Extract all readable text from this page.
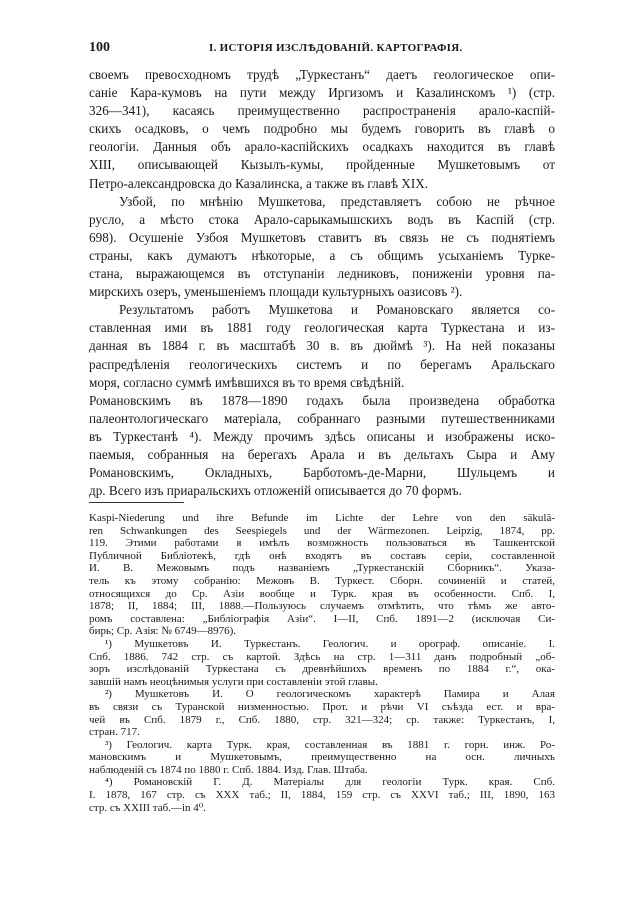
100	I. ИСТОРІЯ ИЗСЛѢДОВАНІЙ. КАРТОГРАФІЯ.
своемъ превосходномъ трудѣ „Туркестанъ“ даетъ геологическое опи-
саніе Кара-кумовъ на пути между Иргизомъ и Казалинскомъ ¹) (стр.
326—341), касаясь преимущественно распространенія арало-каспій-
скихъ осадковъ, о чемъ подробно мы будемъ говорить въ главѣ о
геологіи. Данныя объ арало-каспійскихъ осадкахъ находится въ главѣ
XIII, описывающей Кызылъ-кумы, пройденные Мушкетовымъ от
Петро-александровска до Казалинска, а также въ главѣ XIX.
Узбой, по мнѣнію Мушкетова, представляетъ собою не рѣчное
русло, а мѣсто стока Арало-сарыкамышскихъ водъ въ Каспій (стр.
698). Осушеніе Узбоя Мушкетовъ ставитъ въ связь не съ поднятіемъ
страны, какъ думаютъ нѣкоторые, а съ общимъ усыханіемъ Турке-
стана, выражающемся въ отступаніи ледниковъ, пониженіи уровня па-
мирскихъ озеръ, уменьшеніемъ площади культурныхъ оазисовъ ²).
Результатомъ работъ Мушкетова и Романовскаго является со-
ставленная ими въ 1881 году геологическая карта Туркестана и из-
данная въ 1884 г. въ масштабѣ 30 в. въ дюймѣ ³). На ней показаны
распредѣленія геологическихъ системъ и по берегамъ Аральскаго
моря, согласно суммѣ имѣвшихся въ то время свѣдѣній.
Романовскимъ въ 1878—1890 годахъ была произведена обработка
палеонтологическаго матеріала, собраннаго разными путешественниками
въ Туркестанѣ ⁴). Между прочимъ здѣсь описаны и изображены иско-
паемыя, собранныя на берегахъ Арала и въ дельтахъ Сыра и Аму
Романовскимъ, Окладныхъ, Барботомъ-де-Марни, Шульцемъ и
др. Всего изъ приаральскихъ отложеній описывается до 70 формъ.
Kaspi-Niederung und ihre Befunde im Lichte der Lehre von den säkulä-
ren Schwankungen des Seespiegels und der Wärmezonen. Leipzig, 1874, pp.
119. Этими работами я имѣлъ возможность пользоваться въ Ташкентской
Публичной Библіотекѣ, гдѣ онѣ входятъ въ составъ серіи, составленной
И. В. Межовымъ подъ названіемъ „Туркестанскій Сборникъ“. Указа-
тель къ этому собранію: Межовъ В. Туркест. Сборн. сочиненій и статей,
относящихся до Ср. Азіи вообще и Турк. края въ особенности. Спб. I,
1878; II, 1884; III, 1888.—Пользуюсь случаемъ отмѣтить, что тѣмъ же авто-
ромъ составлена: „Библіографія Азіи“. I—II, Спб. 1891—2 (исключая Си-
бирь; Ср. Азія: № 6749—8976).
¹) Мушкетовъ И. Туркестанъ. Геологич. и орограф. описаніе. I.
Спб. 1886. 742 стр. съ картой. Здѣсь на стр. 1—311 данъ подробный „об-
зоръ изслѣдованій Туркестана съ древнѣйшихъ временъ по 1884 г.“, ока-
завшій намъ неоцѣнимыя услуги при составленіи этой главы.
²) Мушкетовъ И. О геологическомъ характерѣ Памира и Алая
въ связи съ Туранской низменностью. Прот. и рѣчи VI съѣзда ест. и вра-
чей въ Спб. 1879 г., Спб. 1880, стр. 321—324; ср. также: Туркестанъ, I,
стран. 717.
³) Геологич. карта Турк. края, составленная въ 1881 г. горн. инж. Ро-
мановскимъ и Мушкетовымъ, преимущественно на осн. личныхъ
наблюденій съ 1874 по 1880 г. Спб. 1884. Изд. Глав. Штаба.
⁴) Романовскій Г. Д. Матеріалы для геологіи Турк. края. Спб.
I. 1878, 167 стр. съ XXX таб.; II, 1884, 159 стр. съ XXVI таб.; III, 1890, 163
стр. съ XXIII таб.—in 4⁰.
